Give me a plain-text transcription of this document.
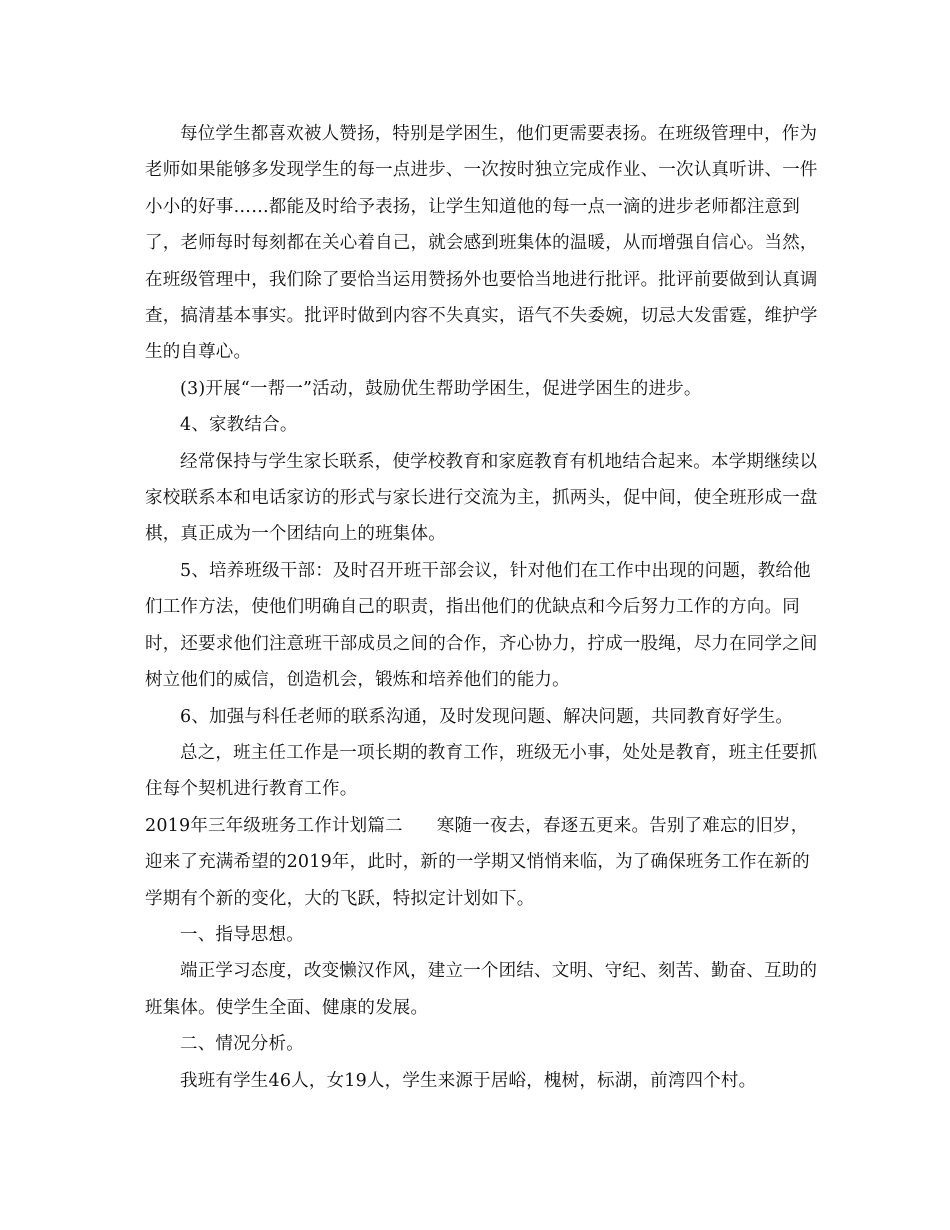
每位学生都喜欢被人赞扬，特别是学困生，他们更需要表扬。在班级管理中，作为老师如果能够多发现学生的每一点进步、一次按时独立完成作业、一次认真听讲、一件小小的好事……都能及时给予表扬，让学生知道他的每一点一滴的进步老师都注意到了，老师每时每刻都在关心着自己，就会感到班集体的温暖，从而增强自信心。当然，在班级管理中，我们除了要恰当运用赞扬外也要恰当地进行批评。批评前要做到认真调查，搞清基本事实。批评时做到内容不失真实，语气不失委婉，切忌大发雷霆，维护学生的自尊心。

(3)开展“一帮一”活动，鼓励优生帮助学困生，促进学困生的进步。

4、家教结合。

经常保持与学生家长联系，使学校教育和家庭教育有机地结合起来。本学期继续以家校联系本和电话家访的形式与家长进行交流为主，抓两头，促中间，使全班形成一盘棋，真正成为一个团结向上的班集体。

5、培养班级干部：及时召开班干部会议，针对他们在工作中出现的问题，教给他们工作方法，使他们明确自己的职责，指出他们的优缺点和今后努力工作的方向。同时，还要求他们注意班干部成员之间的合作，齐心协力，拧成一股绳，尽力在同学之间树立他们的威信，创造机会，锻炼和培养他们的能力。

6、加强与科任老师的联系沟通，及时发现问题、解决问题，共同教育好学生。

总之，班主任工作是一项长期的教育工作，班级无小事，处处是教育，班主任要抓住每个契机进行教育工作。

2019年三年级班务工作计划篇二 寒随一夜去，春逐五更来。告别了难忘的旧岁，迎来了充满希望的2019年，此时，新的一学期又悄悄来临，为了确保班务工作在新的学期有个新的变化，大的飞跃，特拟定计划如下。

一、指导思想。

端正学习态度，改变懒汉作风，建立一个团结、文明、守纪、刻苦、勤奋、互助的班集体。使学生全面、健康的发展。

二、情况分析。

我班有学生46人，女19人，学生来源于居峪，槐树，标湖，前湾四个村。
